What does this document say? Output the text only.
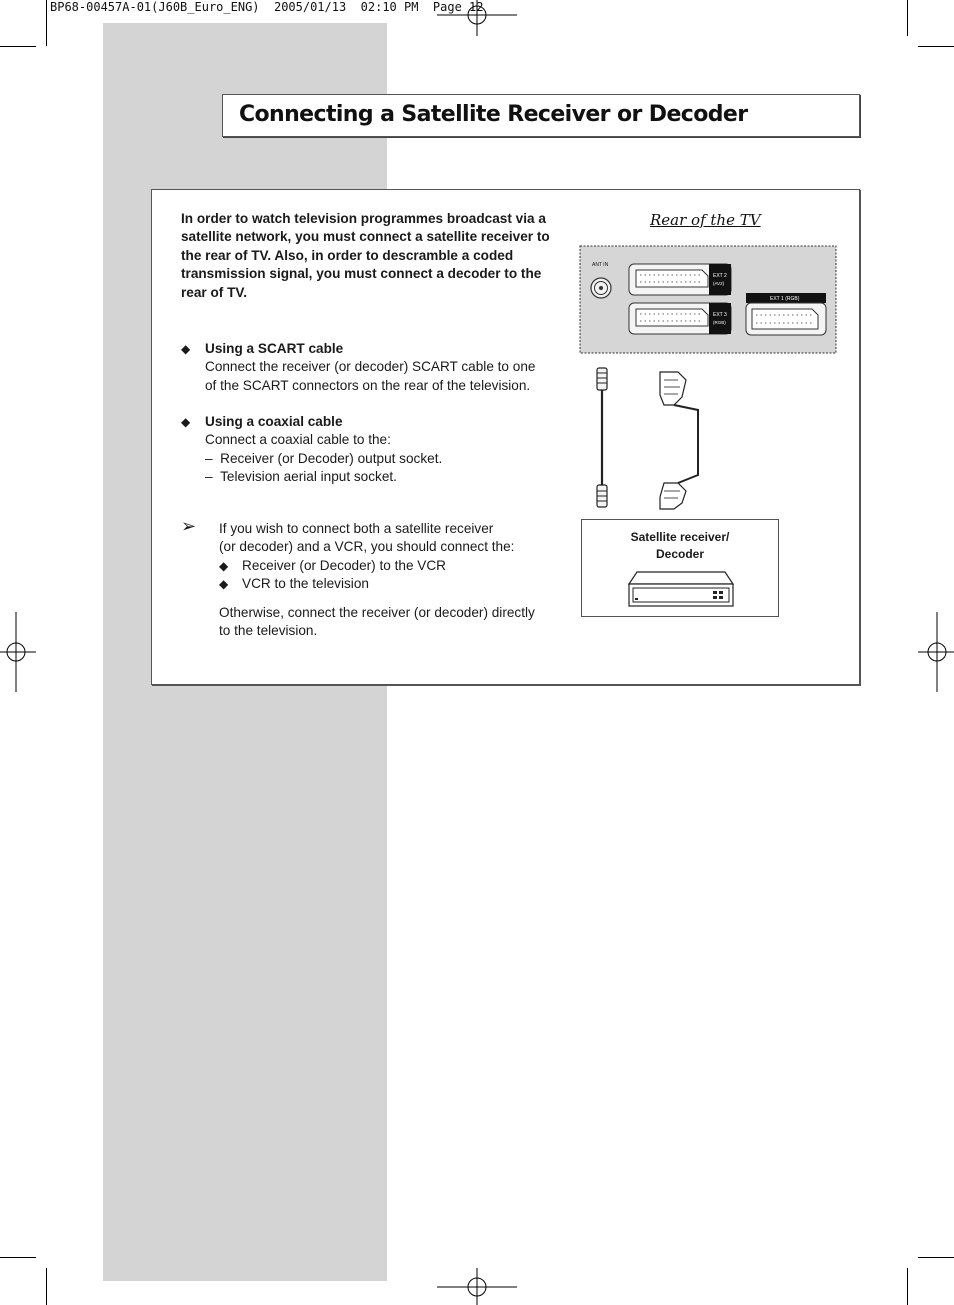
BP68-00457A-01(J60B_Euro_ENG)  2005/01/13  02:10 PM  Page 12
Connecting a Satellite Receiver or Decoder

In order to watch television programmes broadcast via a satellite network, you must connect a satellite receiver to the rear of TV. Also, in order to descramble a coded transmission signal, you must connect a decoder to the rear of TV.

◆ Using a SCART cable
Connect the receiver (or decoder) SCART cable to one
of the SCART connectors on the rear of the television.
◆ Using a coaxial cable
Connect a coaxial cable to the:
– Receiver (or Decoder) output socket.
– Television aerial input socket.
➢ If you wish to connect both a satellite receiver
(or decoder) and a VCR, you should connect the:
◆ Receiver (or Decoder) to the VCR
◆ VCR to the television
Otherwise, connect the receiver (or decoder) directly
to the television.
Rear of the TV
ANT IN
EXT 2
(AV2)
EXT 3
(RGB)
EXT 1 (RGB)
Satellite receiver/
Decoder
